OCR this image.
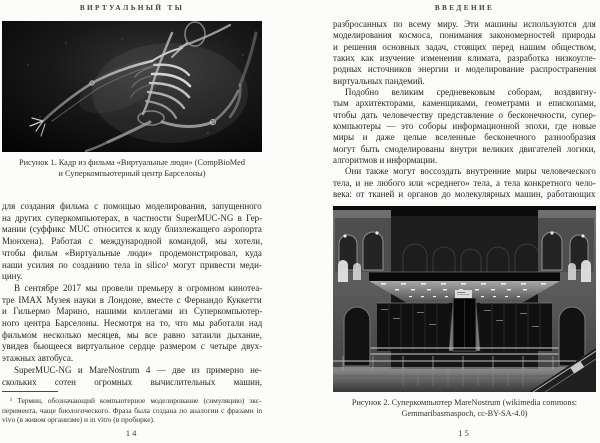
ВИРТУАЛЬНЫЙ ТЫ
Рисунок 1. Кадр из фильма «Виртуальные люди» (CompBioMed
и Суперкомпьютерный центр Барселоны)
для создания фильма с помощью моделирования, запущенного
на других суперкомпьютерах, в частности SuperMUC-NG в Гер-
мании (суффикс MUC относится к коду близлежащего аэропорта
Мюнхена). Работая с международной командой, мы хотели,
чтобы фильм «Виртуальные люди» продемонстрировал, куда
наши усилия по созданию тела in silico¹ могут привести меди-
цину.
В сентябре 2017 мы провели премьеру в огромном кинотеа-
тре IMAX Музея науки в Лондоне, вместе с Фернандо Куккетти
и Гильермо Марино, нашими коллегами из Суперкомпьютер-
ного центра Барселоны. Несмотря на то, что мы работали над
фильмом несколько месяцев, мы все равно затаили дыхание,
увидев бьющееся виртуальное сердце размером с четыре двух-
этажных автобуса.
SuperMUC-NG и MareNostrum 4 — две из примерно не-
скольких сотен огромных вычислительных машин,
¹ Термин, обозначающий компьютерное моделирование (симуляцию) экс-
перимента, чаще биологического. Фраза была создана по аналогии с фразами in
vivo (в живом организме) и in vitro (в пробирке).
14
ВВЕДЕНИЕ
разбросанных по всему миру. Эти машины используются для
моделирования космоса, понимания закономерностей природы
и решения основных задач, стоящих перед нашим обществом,
таких как изучение изменения климата, разработка низкоугле-
родных источников энергии и моделирование распространения
виртуальных пандемий.
Подобно великим средневековым соборам, воздвигну-
тым архитекторами, каменщиками, геометрами и епископами,
чтобы дать человечеству представление о бесконечности, супер-
компьютеры — это соборы информационной эпохи, где новые
миры и даже целые вселенные бесконечного разнообразия
могут быть смоделированы внутри великих двигателей логики,
алгоритмов и информации.
Они также могут воссоздать внутренние миры человеческого
тела, и не любого или «среднего» тела, а тела конкретного чело-
века: от тканей и органов до молекулярных машин, работающих
Рисунок 2. Суперкомпьютер MareNostrum (wikimedia commons:
Gemmaribasmaspoch, cc-BY-SA-4.0)
15
